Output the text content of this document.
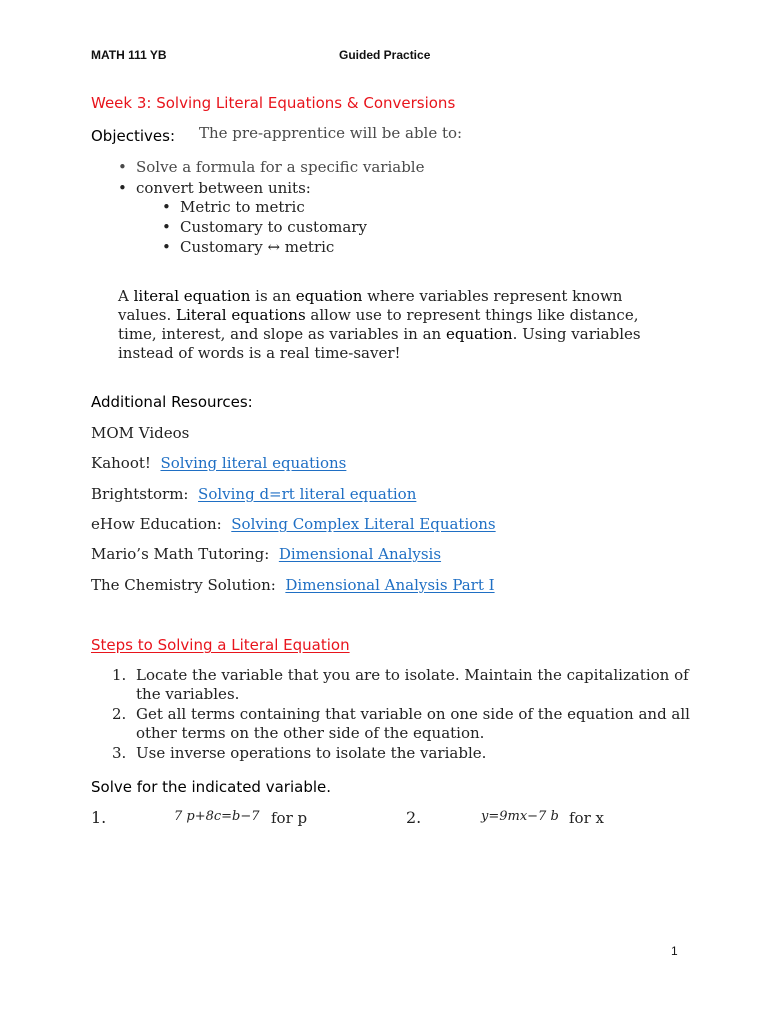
MATH 111 YB	Guided Practice
Week 3: Solving Literal Equations & Conversions
Objectives: The pre-apprentice will be able to:
• Solve a formula for a specific variable
• convert between units:
• Metric to metric
• Customary to customary
• Customary ↔ metric
A literal equation is an equation where variables represent known values. Literal equations allow use to represent things like distance, time, interest, and slope as variables in an equation. Using variables instead of words is a real time-saver!
Additional Resources:
MOM Videos
Kahoot! Solving literal equations
Brightstorm: Solving d=rt literal equation
eHow Education: Solving Complex Literal Equations
Mario’s Math Tutoring: Dimensional Analysis
The Chemistry Solution: Dimensional Analysis Part I
Steps to Solving a Literal Equation
1. Locate the variable that you are to isolate. Maintain the capitalization of the variables.
2. Get all terms containing that variable on one side of the equation and all other terms on the other side of the equation.
3. Use inverse operations to isolate the variable.
Solve for the indicated variable.
1.	7 p+8c=b−7 for p	2.	y=9mx−7 b for x
1
